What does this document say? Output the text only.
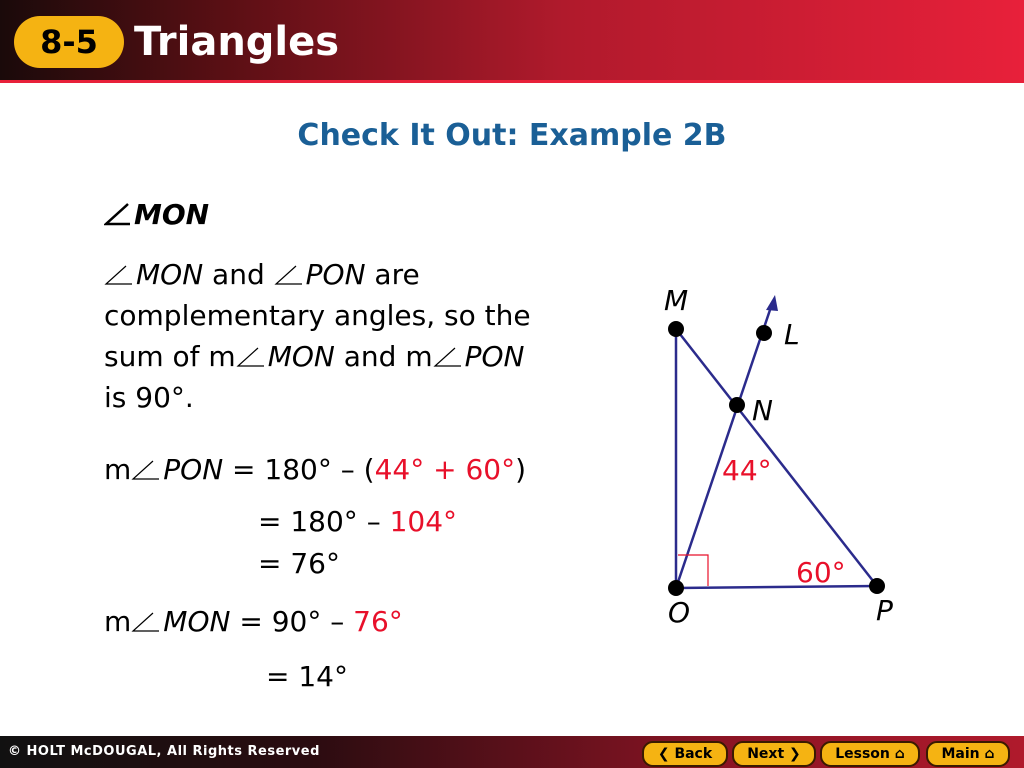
8-5 Triangles
Check It Out: Example 2B
MON
MON and PON are
complementary angles, so the
sum of m MON and m PON
is 90°.
m PON = 180° – (44° + 60°)
= 180° – 104°
= 76°
m MON = 90° – 76°
= 14°
M
L
N
O	P
44°
60°
© HOLT McDOUGAL, All Rights Reserved	❮ Back	Next ❯	Lesson ⌂	Main ⌂
